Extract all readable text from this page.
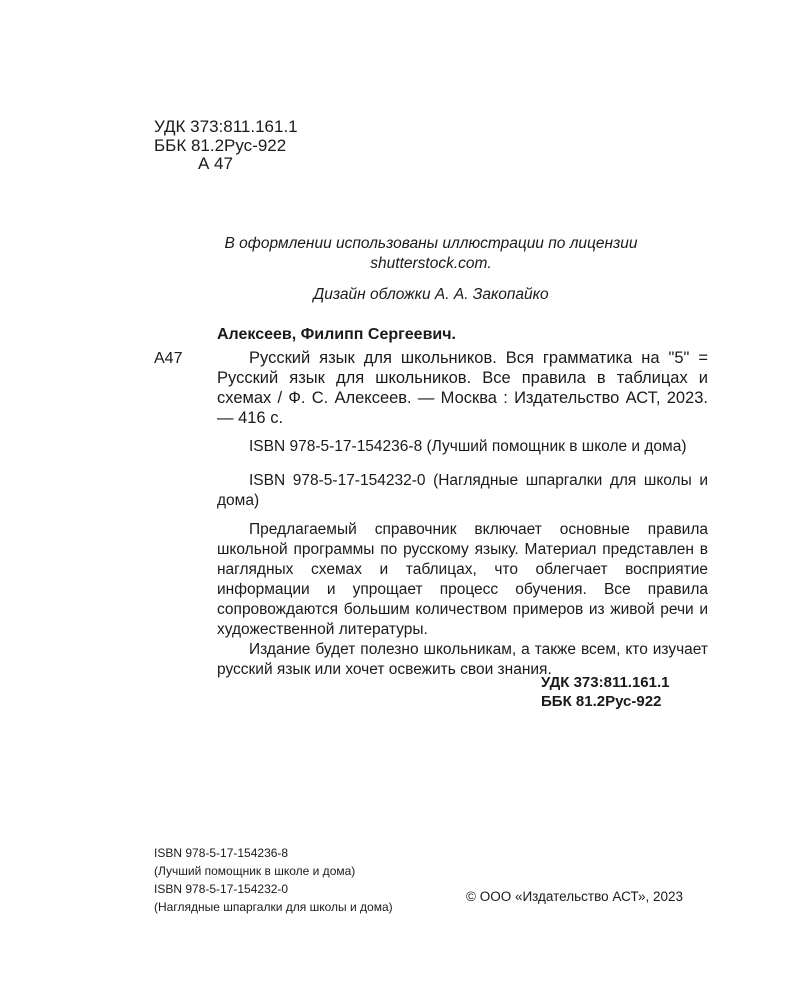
УДК 373:811.161.1
ББК 81.2Рус-922
А 47
В оформлении использованы иллюстрации по лицензии
shutterstock.com.
Дизайн обложки А. А. Закопайко
Алексеев, Филипп Сергеевич.
А47	Русский язык для школьников. Вся грамматика на "5" = Русский язык для школьников. Все правила в таблицах и схемах / Ф. С. Алексеев. — Москва : Издательство АСТ, 2023. — 416 с.

ISBN 978-5-17-154236-8 (Лучший помощник в школе и дома)

ISBN 978-5-17-154232-0 (Наглядные шпаргалки для школы и дома)

Предлагаемый справочник включает основные правила школьной программы по русскому языку. Материал представлен в наглядных схемах и таблицах, что облегчает восприятие информации и упрощает процесс обучения. Все правила сопровождаются большим количеством примеров из живой речи и художественной литературы.

Издание будет полезно школьникам, а также всем, кто изучает русский язык или хочет освежить свои знания.

УДК 373:811.161.1
ББК 81.2Рус-922
ISBN 978-5-17-154236-8
(Лучший помощник в школе и дома)
ISBN 978-5-17-154232-0
(Наглядные шпаргалки для школы и дома)
© ООО «Издательство АСТ», 2023
